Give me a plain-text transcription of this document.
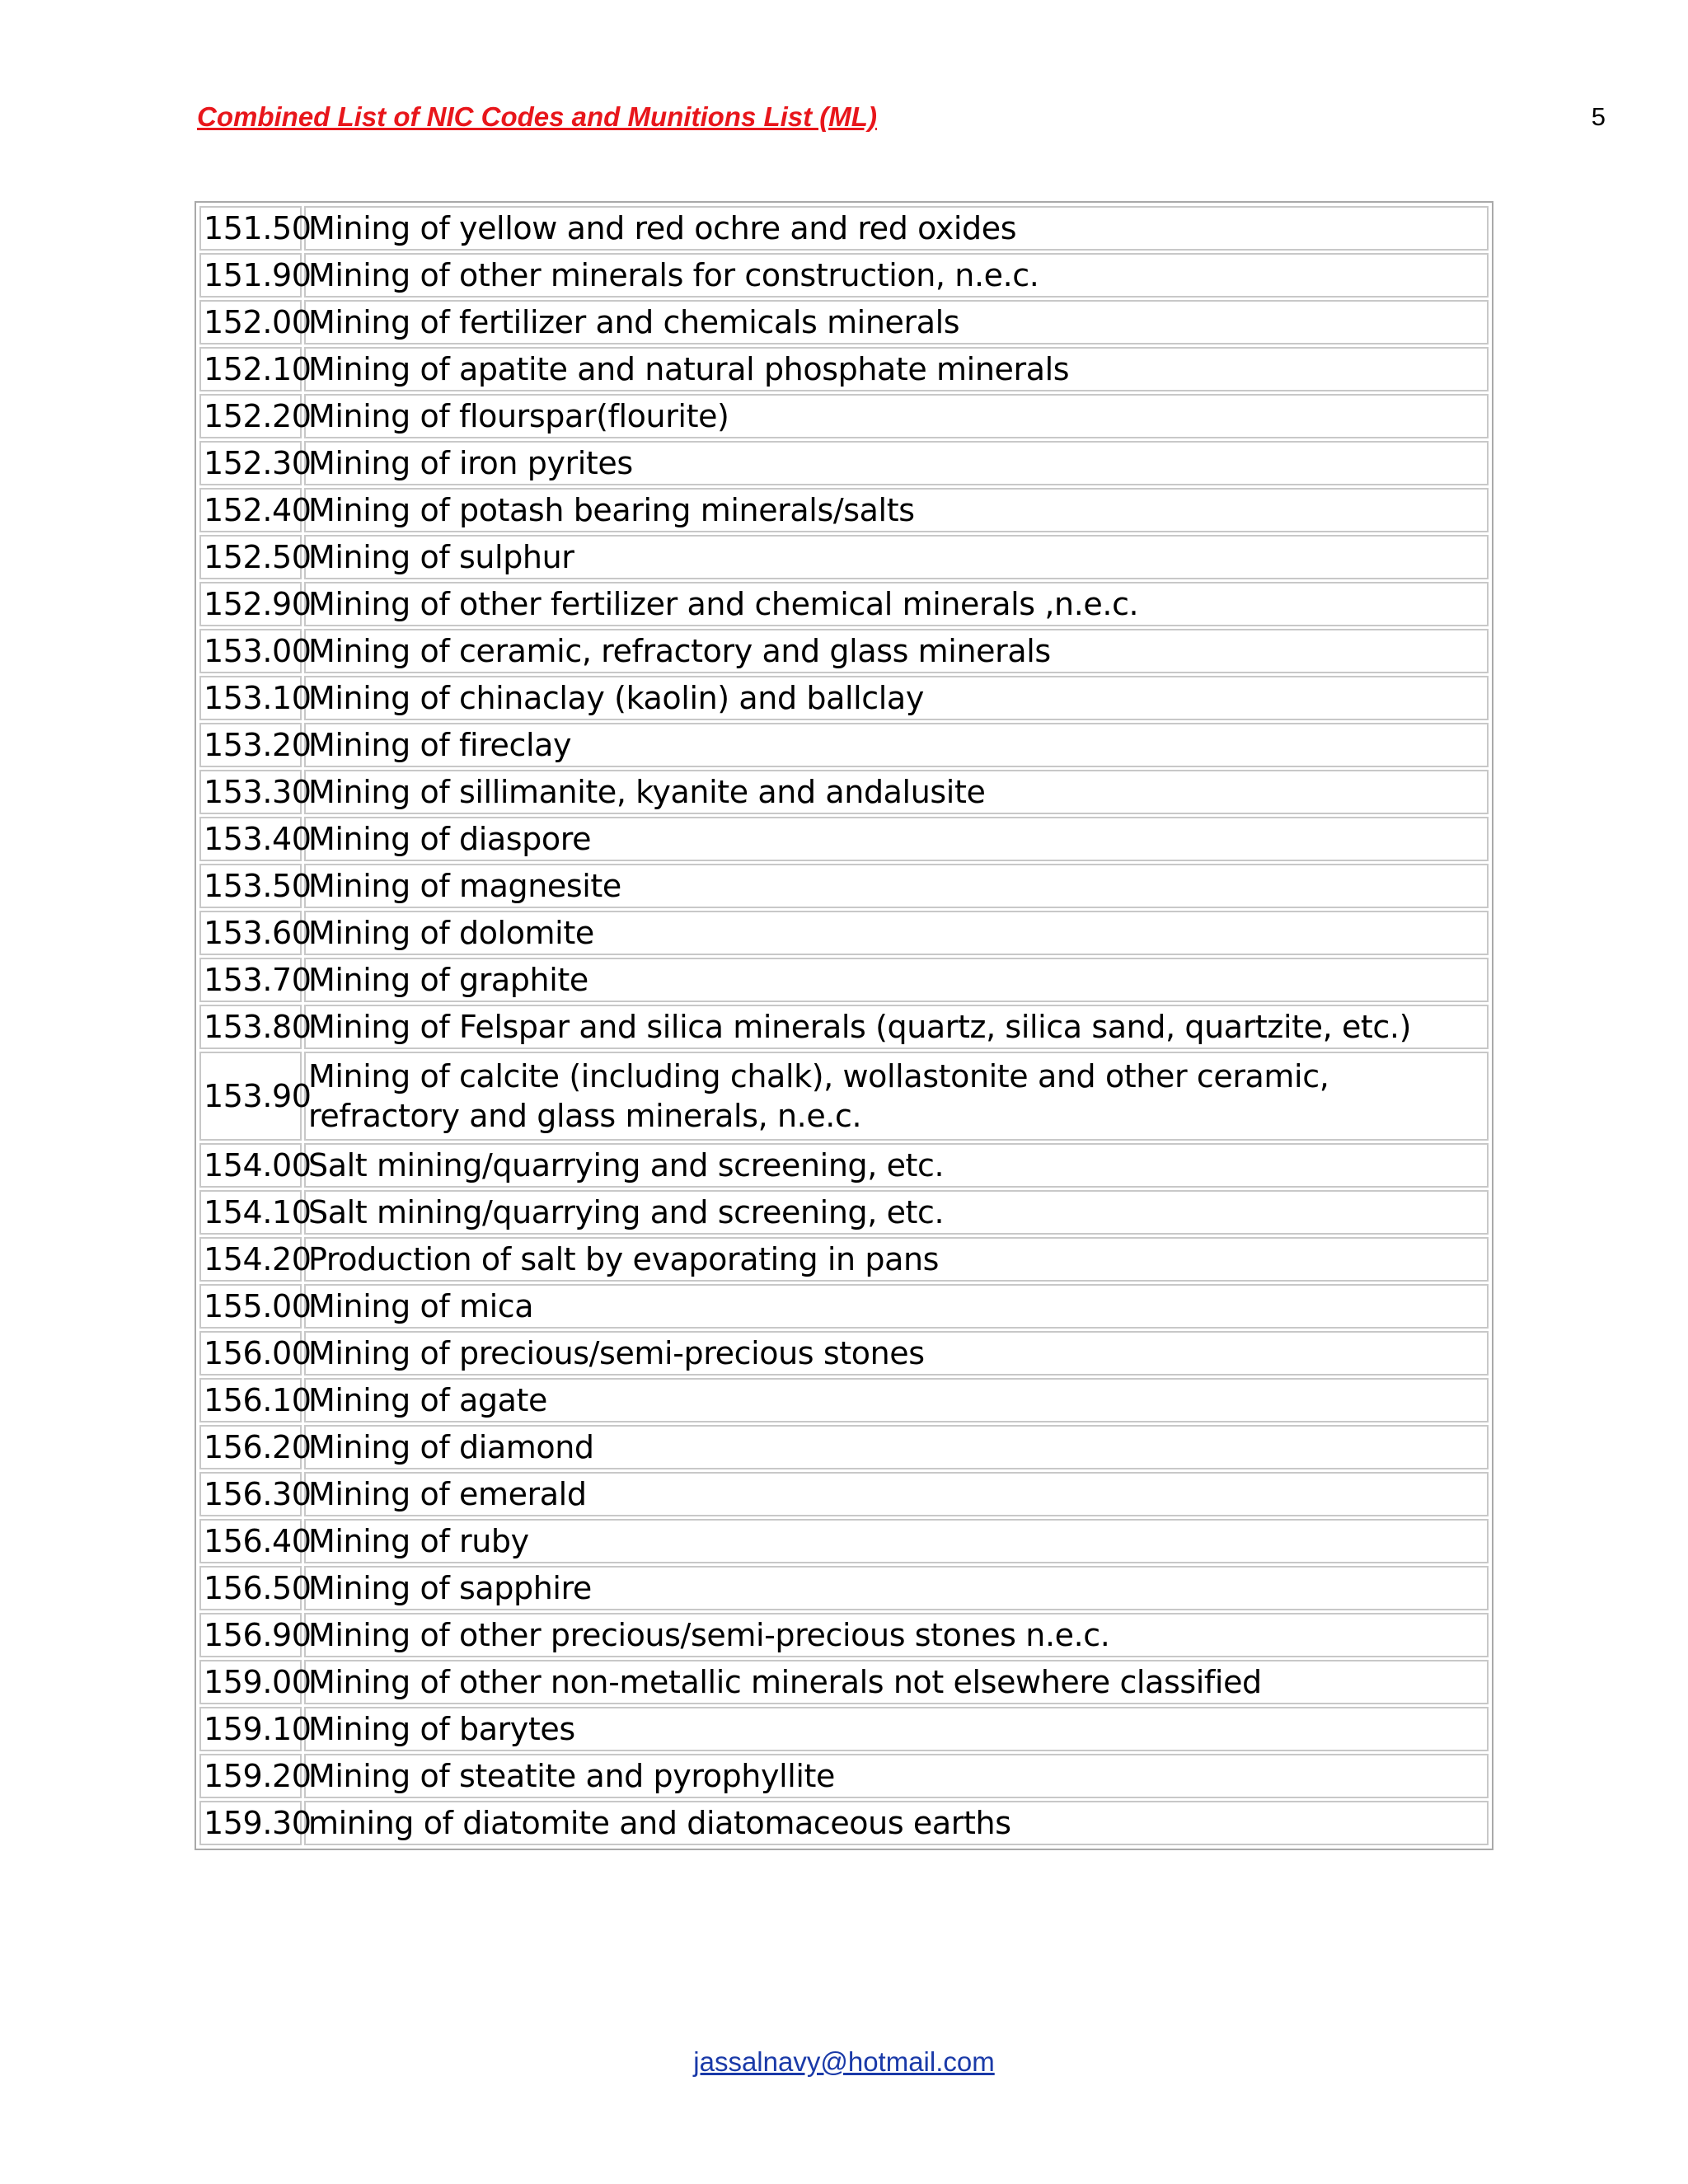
Combined List of NIC Codes and Munitions List (ML)	5
151.50	Mining of yellow and red ochre and red oxides
151.90	Mining of other minerals for construction, n.e.c.
152.00	Mining of fertilizer and chemicals minerals
152.10	Mining of apatite and natural phosphate minerals
152.20	Mining of flourspar(flourite)
152.30	Mining of iron pyrites
152.40	Mining of potash bearing minerals/salts
152.50	Mining of sulphur
152.90	Mining of other fertilizer and chemical minerals ,n.e.c.
153.00	Mining of ceramic, refractory and glass minerals
153.10	Mining of chinaclay (kaolin) and ballclay
153.20	Mining of fireclay
153.30	Mining of sillimanite, kyanite and andalusite
153.40	Mining of diaspore
153.50	Mining of magnesite
153.60	Mining of dolomite
153.70	Mining of graphite
153.80	Mining of Felspar and silica minerals (quartz, silica sand, quartzite, etc.)
153.90	Mining of calcite (including chalk), wollastonite and other ceramic, refractory and glass minerals, n.e.c.
154.00	Salt mining/quarrying and screening, etc.
154.10	Salt mining/quarrying and screening, etc.
154.20	Production of salt by evaporating in pans
155.00	Mining of mica
156.00	Mining of precious/semi-precious stones
156.10	Mining of agate
156.20	Mining of diamond
156.30	Mining of emerald
156.40	Mining of ruby
156.50	Mining of sapphire
156.90	Mining of other precious/semi-precious stones n.e.c.
159.00	Mining of other non-metallic minerals not elsewhere classified
159.10	Mining of barytes
159.20	Mining of steatite and pyrophyllite
159.30	mining of diatomite and diatomaceous earths
jassalnavy@hotmail.com
